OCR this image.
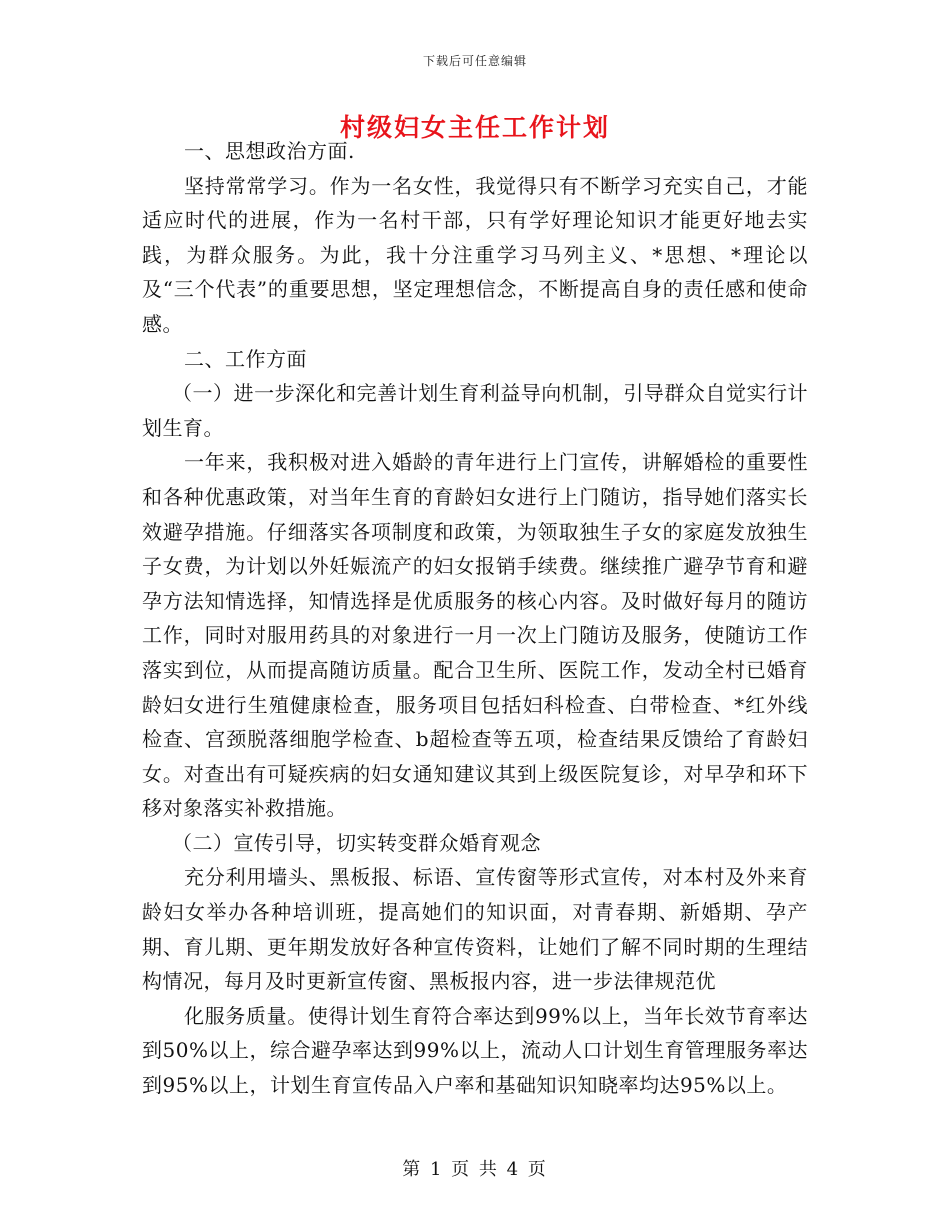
下载后可任意编辑
村级妇女主任工作计划

一、思想政治方面.

坚持常常学习。作为一名女性，我觉得只有不断学习充实自己，才能适应时代的进展，作为一名村干部，只有学好理论知识才能更好地去实践，为群众服务。为此，我十分注重学习马列主义、*思想、*理论以及“三个代表”的重要思想，坚定理想信念，不断提高自身的责任感和使命感。

二、工作方面

（一）进一步深化和完善计划生育利益导向机制，引导群众自觉实行计划生育。

一年来，我积极对进入婚龄的青年进行上门宣传，讲解婚检的重要性和各种优惠政策，对当年生育的育龄妇女进行上门随访，指导她们落实长效避孕措施。仔细落实各项制度和政策，为领取独生子女的家庭发放独生子女费，为计划以外妊娠流产的妇女报销手续费。继续推广避孕节育和避孕方法知情选择，知情选择是优质服务的核心内容。及时做好每月的随访工作，同时对服用药具的对象进行一月一次上门随访及服务，使随访工作落实到位，从而提高随访质量。配合卫生所、医院工作，发动全村已婚育龄妇女进行生殖健康检查，服务项目包括妇科检查、白带检查、*红外线检查、宫颈脱落细胞学检查、b超检查等五项，检查结果反馈给了育龄妇女。对查出有可疑疾病的妇女通知建议其到上级医院复诊，对早孕和环下移对象落实补救措施。

（二）宣传引导，切实转变群众婚育观念

充分利用墙头、黑板报、标语、宣传窗等形式宣传，对本村及外来育龄妇女举办各种培训班，提高她们的知识面，对青春期、新婚期、孕产期、育儿期、更年期发放好各种宣传资料，让她们了解不同时期的生理结构情况，每月及时更新宣传窗、黑板报内容，进一步法律规范优

化服务质量。使得计划生育符合率达到99%以上，当年长效节育率达到50%以上，综合避孕率达到99%以上，流动人口计划生育管理服务率达到95%以上，计划生育宣传品入户率和基础知识知晓率均达95%以上。

第 1 页 共 4 页
